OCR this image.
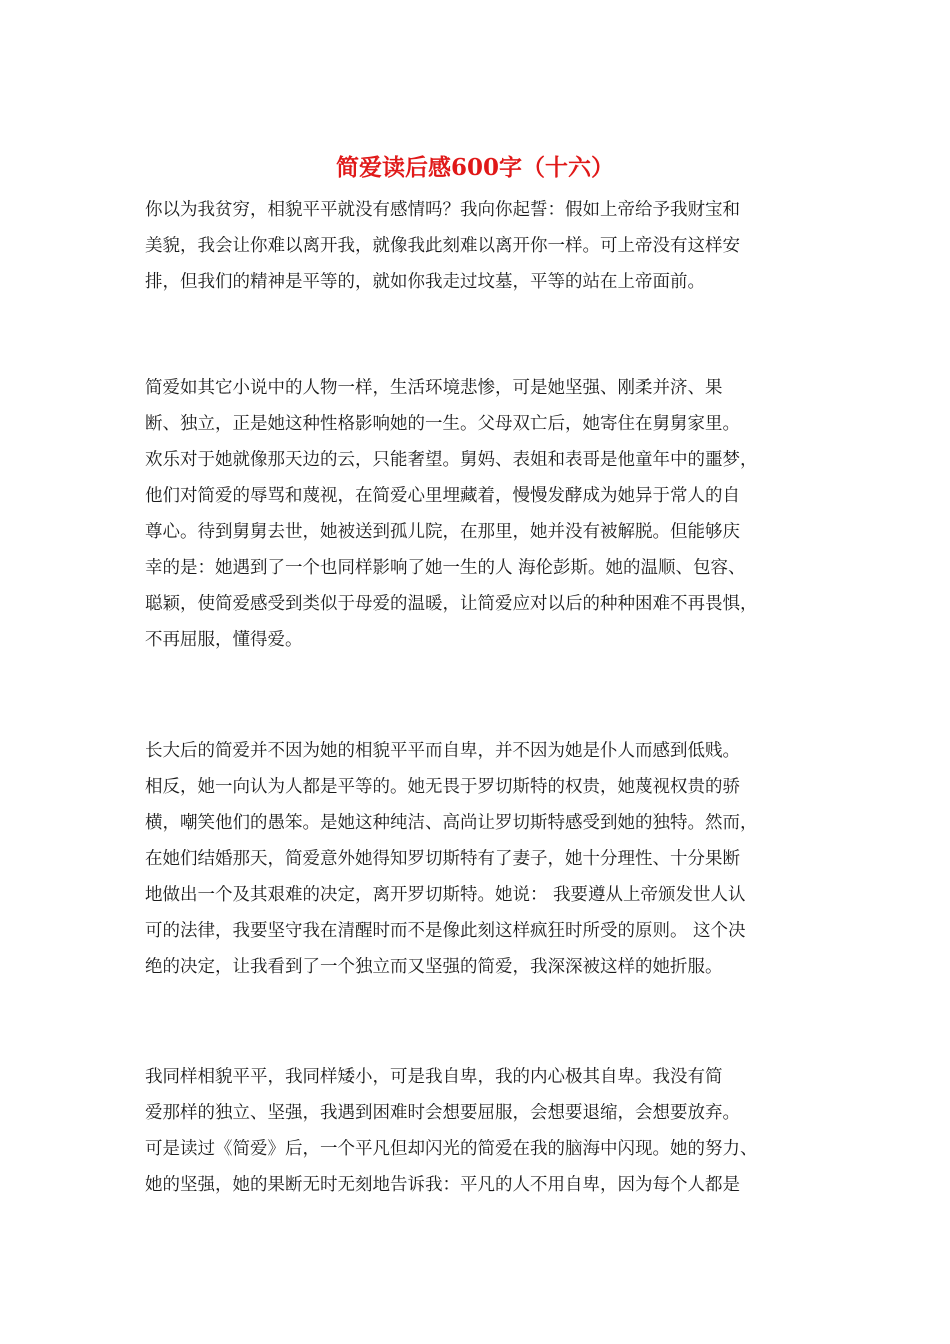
简爱读后感600字（十六）

你以为我贫穷，相貌平平就没有感情吗？我向你起誓：假如上帝给予我财宝和

美貌，我会让你难以离开我，就像我此刻难以离开你一样。可上帝没有这样安

排，但我们的精神是平等的，就如你我走过坟墓，平等的站在上帝面前。

简爱如其它小说中的人物一样，生活环境悲惨，可是她坚强、刚柔并济、果

断、独立，正是她这种性格影响她的一生。父母双亡后，她寄住在舅舅家里。

欢乐对于她就像那天边的云，只能奢望。舅妈、表姐和表哥是他童年中的噩梦，

他们对简爱的辱骂和蔑视，在简爱心里埋藏着，慢慢发酵成为她异于常人的自

尊心。待到舅舅去世，她被送到孤儿院，在那里，她并没有被解脱。但能够庆

幸的是：她遇到了一个也同样影响了她一生的人 海伦彭斯。她的温顺、包容、

聪颖，使简爱感受到类似于母爱的温暖，让简爱应对以后的种种困难不再畏惧，

不再屈服，懂得爱。

长大后的简爱并不因为她的相貌平平而自卑，并不因为她是仆人而感到低贱。

相反，她一向认为人都是平等的。她无畏于罗切斯特的权贵，她蔑视权贵的骄

横，嘲笑他们的愚笨。是她这种纯洁、高尚让罗切斯特感受到她的独特。然而，

在她们结婚那天，简爱意外她得知罗切斯特有了妻子，她十分理性、十分果断

地做出一个及其艰难的决定，离开罗切斯特。她说： 我要遵从上帝颁发世人认

可的法律，我要坚守我在清醒时而不是像此刻这样疯狂时所受的原则。 这个决

绝的决定，让我看到了一个独立而又坚强的简爱，我深深被这样的她折服。

我同样相貌平平，我同样矮小，可是我自卑，我的内心极其自卑。我没有简

爱那样的独立、坚强，我遇到困难时会想要屈服，会想要退缩，会想要放弃。

可是读过《简爱》后，一个平凡但却闪光的简爱在我的脑海中闪现。她的努力、

她的坚强，她的果断无时无刻地告诉我：平凡的人不用自卑，因为每个人都是
